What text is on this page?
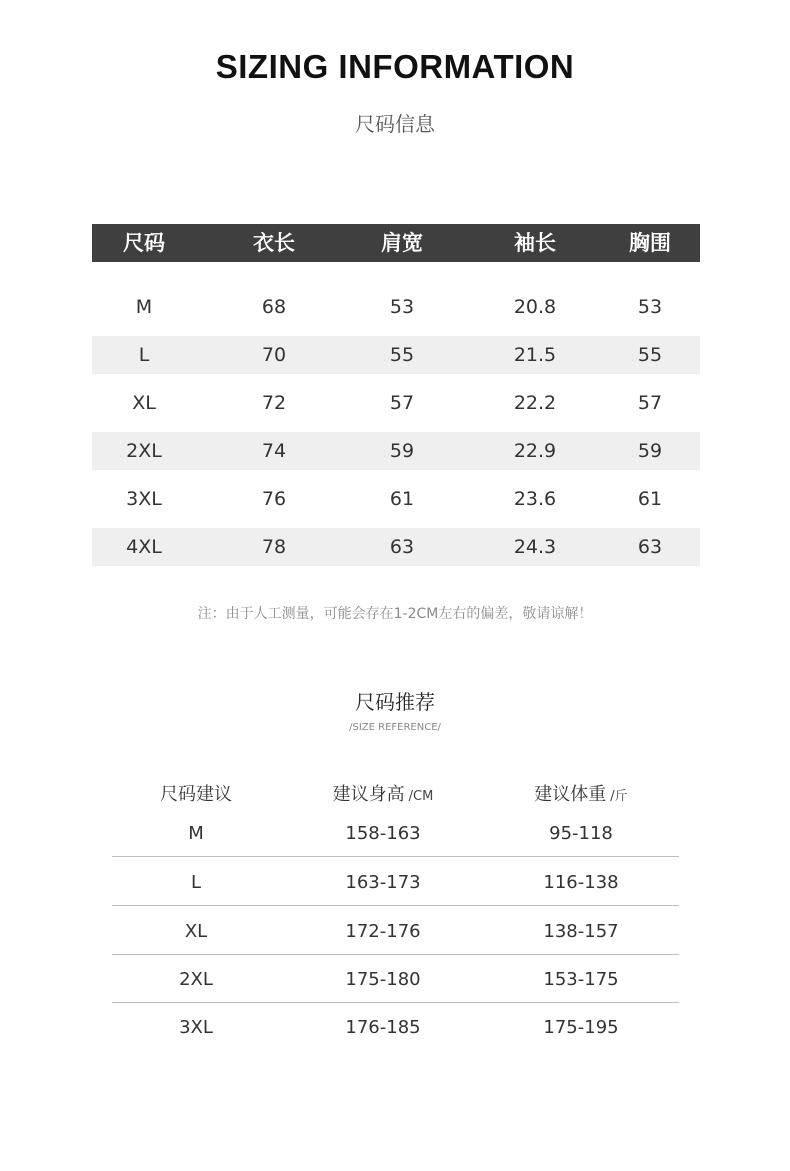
SIZING INFORMATION
尺码信息
尺码	衣长	肩宽	袖长	胸围
M	68	53	20.8	53
L	70	55	21.5	55
XL	72	57	22.2	57
2XL	74	59	22.9	59
3XL	76	61	23.6	61
4XL	78	63	24.3	63
注：由于人工测量，可能会存在1-2CM左右的偏差，敬请谅解！
尺码推荐
/SIZE REFERENCE/
尺码建议	建议身高 /CM	建议体重 /斤
M	158-163	95-118
L	163-173	116-138
XL	172-176	138-157
2XL	175-180	153-175
3XL	176-185	175-195
